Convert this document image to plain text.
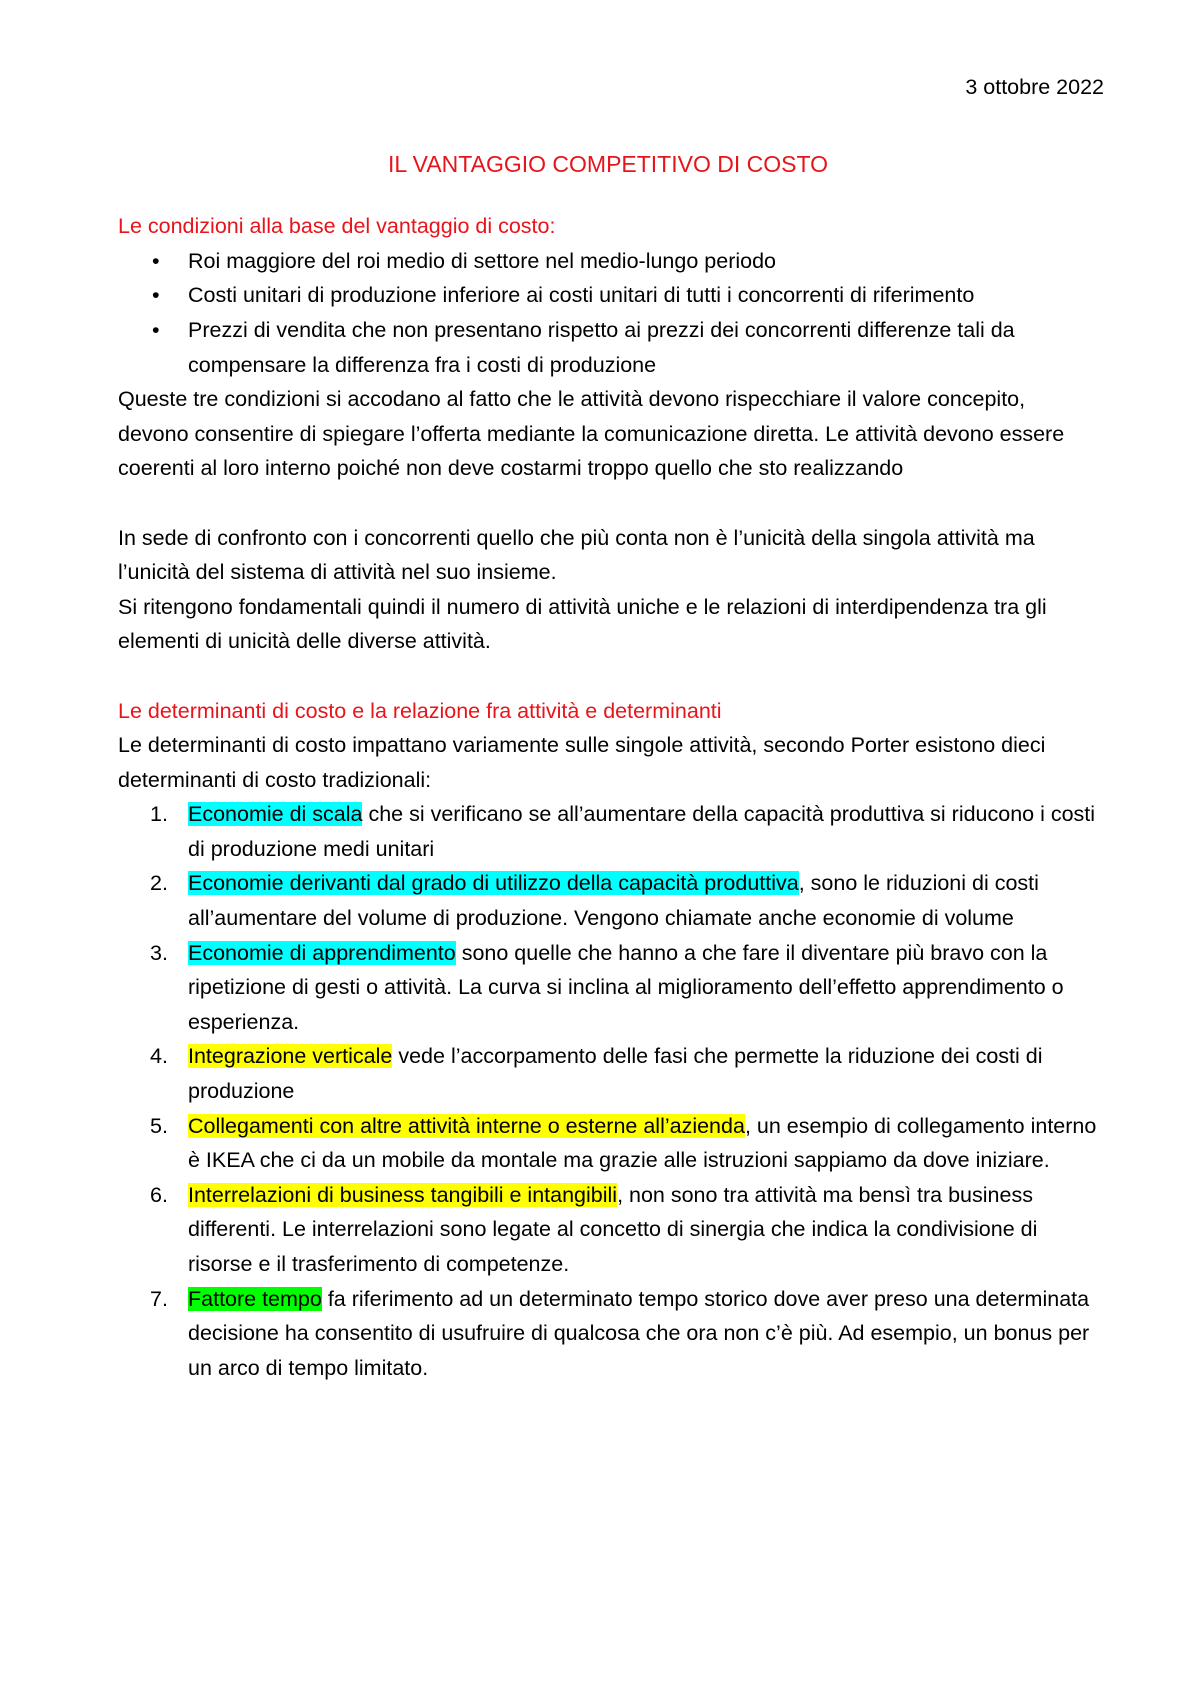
3 ottobre 2022
IL VANTAGGIO COMPETITIVO DI COSTO
Le condizioni alla base del vantaggio di costo:
• Roi maggiore del roi medio di settore nel medio-lungo periodo
• Costi unitari di produzione inferiore ai costi unitari di tutti i concorrenti di riferimento
• Prezzi di vendita che non presentano rispetto ai prezzi dei concorrenti differenze tali da compensare la differenza fra i costi di produzione

Queste tre condizioni si accodano al fatto che le attività devono rispecchiare il valore concepito, devono consentire di spiegare l’offerta mediante la comunicazione diretta. Le attività devono essere coerenti al loro interno poiché non deve costarmi troppo quello che sto realizzando

In sede di confronto con i concorrenti quello che più conta non è l’unicità della singola attività ma l’unicità del sistema di attività nel suo insieme.

Si ritengono fondamentali quindi il numero di attività uniche e le relazioni di interdipendenza tra gli elementi di unicità delle diverse attività.

Le determinanti di costo e la relazione fra attività e determinanti

Le determinanti di costo impattano variamente sulle singole attività, secondo Porter esistono dieci determinanti di costo tradizionali:

1. Economie di scala che si verificano se all’aumentare della capacità produttiva si riducono i costi di produzione medi unitari
2. Economie derivanti dal grado di utilizzo della capacità produttiva, sono le riduzioni di costi all’aumentare del volume di produzione. Vengono chiamate anche economie di volume
3. Economie di apprendimento sono quelle che hanno a che fare il diventare più bravo con la ripetizione di gesti o attività. La curva si inclina al miglioramento dell’effetto apprendimento o esperienza.
4. Integrazione verticale vede l’accorpamento delle fasi che permette la riduzione dei costi di produzione
5. Collegamenti con altre attività interne o esterne all’azienda, un esempio di collegamento interno è IKEA che ci da un mobile da montale ma grazie alle istruzioni sappiamo da dove iniziare.
6. Interrelazioni di business tangibili e intangibili, non sono tra attività ma bensì tra business differenti. Le interrelazioni sono legate al concetto di sinergia che indica la condivisione di risorse e il trasferimento di competenze.
7. Fattore tempo fa riferimento ad un determinato tempo storico dove aver preso una determinata decisione ha consentito di usufruire di qualcosa che ora non c’è più. Ad esempio, un bonus per un arco di tempo limitato.
